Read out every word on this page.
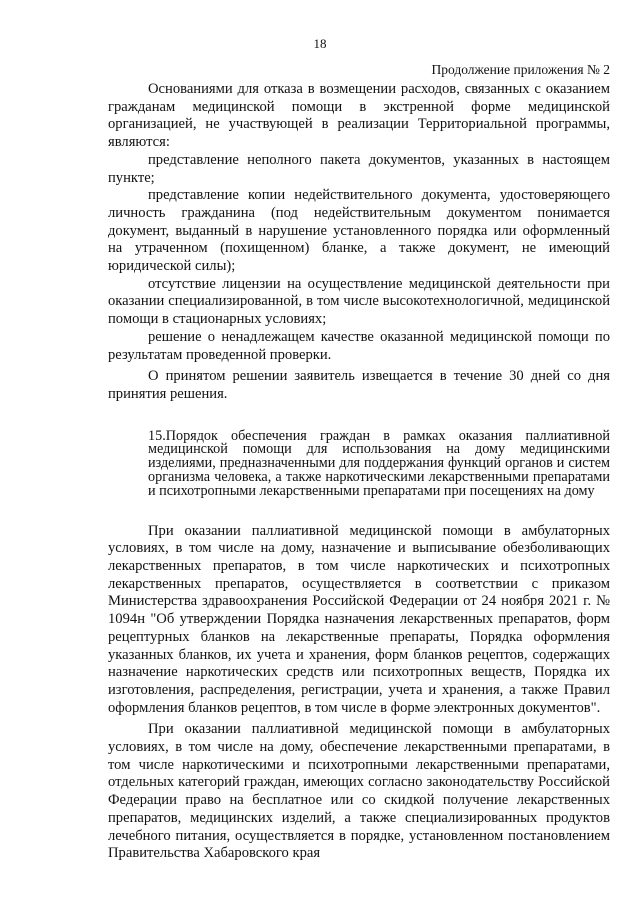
18
Продолжение приложения № 2

Основаниями для отказа в возмещении расходов, связанных с оказанием гражданам медицинской помощи в экстренной форме медицинской организацией, не участвующей в реализации Территориальной программы, являются:

представление неполного пакета документов, указанных в настоящем пункте;

представление копии недействительного документа, удостоверяющего личность гражданина (под недействительным документом понимается документ, выданный в нарушение установленного порядка или оформленный на утраченном (похищенном) бланке, а также документ, не имеющий юридической силы);

отсутствие лицензии на осуществление медицинской деятельности при оказании специализированной, в том числе высокотехнологичной, медицинской помощи в стационарных условиях;

решение о ненадлежащем качестве оказанной медицинской помощи по результатам проведенной проверки.

О принятом решении заявитель извещается в течение 30 дней со дня принятия решения.

15.Порядок обеспечения граждан в рамках оказания паллиативной медицинской помощи для использования на дому медицинскими изделиями, предназначенными для поддержания функций органов и систем организма человека, а также наркотическими лекарственными препаратами и психотропными лекарственными препаратами при посещениях на дому

При оказании паллиативной медицинской помощи в амбулаторных условиях, в том числе на дому, назначение и выписывание обезболивающих лекарственных препаратов, в том числе наркотических и психотропных лекарственных препаратов, осуществляется в соответствии с приказом Министерства здравоохранения Российской Федерации от 24 ноября 2021 г. № 1094н "Об утверждении Порядка назначения лекарственных препаратов, форм рецептурных бланков на лекарственные препараты, Порядка оформления указанных бланков, их учета и хранения, форм бланков рецептов, содержащих назначение наркотических средств или психотропных веществ, Порядка их изготовления, распределения, регистрации, учета и хранения, а также Правил оформления бланков рецептов, в том числе в форме электронных документов".

При оказании паллиативной медицинской помощи в амбулаторных условиях, в том числе на дому, обеспечение лекарственными препаратами, в том числе наркотическими и психотропными лекарственными препаратами, отдельных категорий граждан, имеющих согласно законодательству Российской Федерации право на бесплатное или со скидкой получение лекарственных препаратов, медицинских изделий, а также специализированных продуктов лечебного питания, осуществляется в порядке, установленном постановлением Правительства Хабаровского края
